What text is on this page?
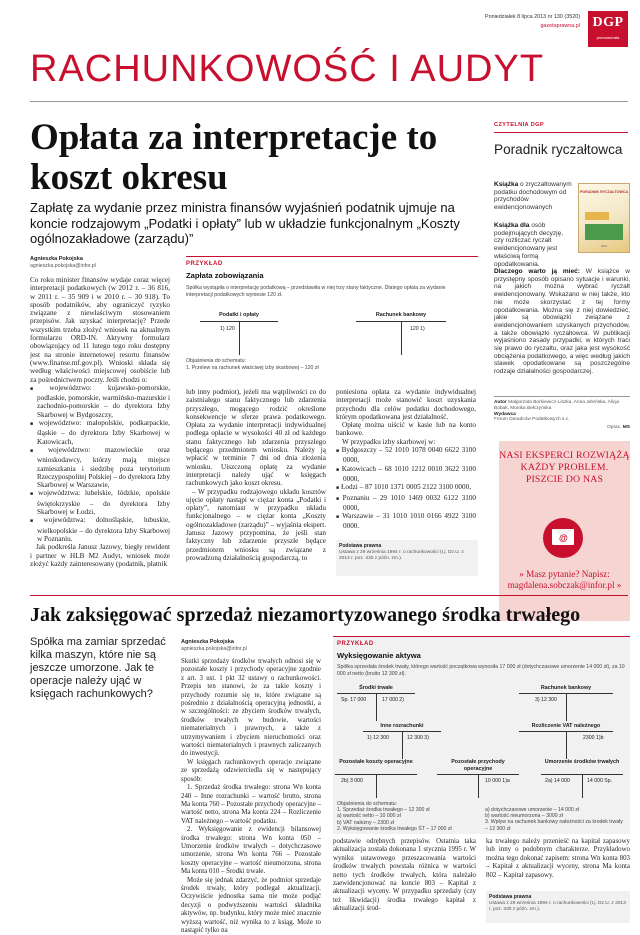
Poniedziałek 8 lipca 2013 nr 130 (3520)
gazetaprawna.pl DGP
prenumerata
RACHUNKOWOŚĆ I AUDYT
Opłata za interpretacje to koszt okresu
Zapłatę za wydanie przez ministra finansów wyjaśnień podatnik ujmuje na koncie rodzajowym „Podatki i opłaty” lub w układzie funkcjonalnym „Koszty ogólnozakładowe (zarządu)”
Agnieszka Pokojska
agnieszka.pokojska@infor.pl

Co roku minister finansów wydaje coraz więcej interpretacji podatkowych (w 2012 r. – 36 816, w 2011 r. – 35 909 i w 2010 r. – 30 918). To sposób podatników, aby ograniczyć ryzyko związane z niewłaściwym stosowaniem przepisów. Jak uzyskać interpretację? Przede wszystkim trzeba złożyć wniosek na aktualnym formularzu ORD-IN. Aktywny formularz obowiązujący od 11 lutego tego roku dostępny jest na stronie internetowej resortu finansów (www.finanse.mf.gov.pl). Wnioski składa się według właściwości miejscowej osobiście lub za pośrednictwem poczty. Jeśli chodzi o:

■ województwo: kujawsko-pomorskie, podlaskie, pomorskie, warmińsko-mazurskie i zachodnio-pomorskie – do dyrektora Izby Skarbowej w Bydgoszczy,
■ województwo: małopolskie, podkarpackie, śląskie – do dyrektora Izby Skarbowej w Katowicach,
■ województwo: mazowieckie oraz wnioskodawcy, którzy mają miejsce zamieszkania i siedzibę poza terytorium Rzeczypospolitej Polskiej – do dyrektora Izby Skarbowej w Warszawie,
■ województwa: lubelskie, łódzkie, opolskie świętokrzyskie – do dyrektora Izby Skarbowej w Łodzi,
■ województwa: dolnośląskie, lubuskie, wielkopolskie – do dyrektora Izby Skarbowej w Poznaniu.

Jak podkreśla Janusz Jazowy, biegły rewident i partner w HLB M2 Audyt, wniosek może złożyć każdy zainteresowany (podatnik, płatnik

PRZYKŁAD
Zapłata zobowiązania
Spółka wystąpiła o interpretację podatkową – przedstawiła w niej trzy stany faktyczne. Dlatego opłata za wydanie interpretacji podatkowych wyniesie 120 zł.
Podatki i opłaty
1) 120
Rachunek bankowy
120 1)
Objaśnienia do schematu:
1. Przelew na rachunek właściwej izby skarbowej – 120 zł

lub inny podmiot), jeżeli ma wątpliwości co do zaistniałego stanu faktycznego lub zdarzenia przyszłego, mogącego rodzić określone konsekwencje w sferze prawa podatkowego. Opłata za wydanie interpretacji indywidualnej podlega opłacie w wysokości 40 zł od każdego stanu faktycznego lub zdarzenia przyszłego będącego przedmiotem wniosku. Należy ją wpłacić w terminie 7 dni od dnia złożenia wniosku. Uiszczoną opłatę za wydanie interpretacji należy ująć w księgach rachunkowych jako koszt okresu.

– W przypadku rodzajowego układu kosztów ujęcie opłaty nastąpi w ciężar konta „Podatki i opłaty”, natomiast w przypadku układu funkcjonalnego – w ciężar konta „Koszty ogólnozakładowe (zarządu)” – wyjaśnia ekspert. Janusz Jazowy przypomina, że jeśli stan faktyczny lub zdarzenie przyszłe będące przedmiotem wniosku są związane z prowadzoną działalnością gospodarczą, to

poniesiona opłata za wydanie indywidualnej interpretacji może stanowić koszt uzyskania przychodu dla celów podatku dochodowego, którym opodatkowana jest działalność.

Opłatę można uiścić w kasie lub na konto bankowe.

W przypadku izby skarbowej w:

■ Bydgoszczy – 52 1010 1078 0040 6622 3100 0000,
■ Katowicach – 68 1010 1212 0010 3622 3100 0000,
■ Łodzi – 87 1010 1371 0005 2122 3100 0000,
■ Poznaniu – 29 1010 1469 0032 6122 3100 0000,
■ Warszawie – 31 1010 1010 0166 4922 3100 0000.
Podstawa prawna
Ustawa z 29 września 1994 r. o rachunkowości (t.j. Dz.U. z 2013 r. poz. 330 z późn. zm.).
CZYTELNIA DGP
Poradnik ryczałtowca
PORADNIK RYCZAŁTOWCA
2013
Książka o zryczałtowanym podatku dochodowym od przychodów ewidencjonowanych
Książka dla osób podejmujących decyzję, czy rozliczać ryczałt ewidencjonowany jest właściwą formą opodatkowania.
Dlaczego warto ją mieć: W książce w przystępny sposób opisano sytuacje i warunki, na jakich można wybrać ryczałt ewidencjonowany. Wskazano w niej także, kto nie może skorzystać z tej formy opodatkowania. Można się z niej dowiedzieć, jakie są obowiązki związane z ewidencjonowaniem uzyskanych przychodów, a także obowiązki ryczałtowca. W publikacji wyjaśniono zasady przypadki, w których traci się prawo do ryczałtu, oraz jaka jest wysokość obciążenia podatkowego, a więc według jakich stawek opodatkowane są poszczególne rodzaje działalności gospodarczej.
Autor Małgorzata Borkiewicz-Liszka, Anna Jeleńska, Alicja Bobak, Monika Bełczyńska
Wydawca
Forum Doradców Podatkowych s.c.
Oprac. MS
NASI EKSPERCI ROZWIĄŻĄ
KAŻDY PROBLEM.
PISZCIE DO NAS
@
» Masz pytanie? Napisz:
magdalena.sobczak@infor.pl »
Jak zaksięgować sprzedaż niezamortyzowanego środka trwałego
Spółka ma zamiar sprzedać kilka maszyn, które nie są jeszcze umorzone. Jak te operacje należy ująć w księgach rachunkowych?
Agnieszka Pokojska
agnieszka.pokojska@infor.pl

Skutki sprzedaży środków trwałych odnosi się w pozostałe koszty i przychody operacyjne zgodnie z art. 3 ust. 1 pkt 32 ustawy o rachunkowości. Przepis ten stanowi, że za takie koszty i przychody rozumie się te, które związane są pośrednio z działalnością operacyjną jednostki, a w szczególności: ze zbyciem środków trwałych, środków trwałych w budowie, wartości niematerialnych i prawnych, a także z utrzymywaniem i zbyciem nieruchomości oraz wartości niematerialnych i prawnych zaliczanych do inwestycji.

W księgach rachunkowych operacje związane ze sprzedażą odzwierciedla się w następujący sposób:

1. Sprzedaż środka trwałego: strona Wn konta 240 – Inne rozrachunki – wartość brutto, strona Ma konta 760 – Pozostałe przychody operacyjne – wartość netto, strona Ma konta 224 – Rozliczenie VAT należnego – wartość podatku.

2. Wyksięgowanie z ewidencji bilansowej środka trwałego: strona Wn konta 050 – Umorzenie środków trwałych – dotychczasowe umorzenie, strona Wn konta 766 – Pozostałe koszty operacyjne – wartość nieumorzona, strona Ma konta 010 – Środki trwałe.

Może się jednak zdarzyć, że podmiot sprzedaje środek trwały, który podlegał aktualizacji. Oczywiście jednostka sama nie może podjąć decyzji o podwyższeniu wartości składnika aktywów, np. budynku, który może mieć znacznie wyższą wartość, niż wynika to z ksiąg. Może to nastąpić tylko na

PRZYKŁAD
Wyksięgowanie aktywa
Spółka sprzedała środek trwały, którego wartość początkowa wynosiła 17 000 zł (dotychczasowe umorzenie 14 000 zł), za 10 000 zł netto (brutto 12 300 zł).
Środki trwałe
Sp. 17 000	17 000 2)
Rachunek bankowy
3) 12 300
Inne rozrachunki
1) 12 300	12 300 3)
Rozliczenie VAT należnego
2300 1)b
Pozostałe koszty operacyjne
2b) 3 000
Pozostałe przychody operacyjne
10 000 1)a
Umorzenie środków trwałych
2a) 14 000	14 000 Sp.
Objaśnienia do schematu:
1. Sprzedaż środka trwałego – 12 300 zł
a) wartość netto – 10 000 zł
b) VAT należny – 2300 zł
2. Wyksięgowanie środka trwałego ŚT – 17 000 zł
a) dotychczasowe umorzenie – 14 000 zł
b) wartość nieumorzona – 3000 zł
3. Wpływ na rachunek bankowy należności za środek trwały – 12 300 zł

podstawie odrębnych przepisów. Ostatnia taka aktualizacja została dokonana 1 stycznia 1995 r. W wyniku ustawowego przeszacowania wartości środków trwałych powstała różnica w wartości netto tych środków trwałych, która należało zaewidencjonować na koncie 803 – Kapitał z aktualizacji wyceny. W przypadku sprzedaży (czy też likwidacji) środka trwałego kapitał z aktualizacji środ-

ka trwałego należy przenieść na kapitał zapasowy lub inny o podobnym charakterze. Przykładowo można tego dokonać zapisem: strona Wn konta 803 – Kapitał z aktualizacji wyceny, strona Ma konta 802 – Kapitał zapasowy.

Podstawa prawna
Ustawa z 29 września 1994 r. o rachunkowości (t.j. Dz.U. z 2013 r. poz. 330 z późn. zm.).
